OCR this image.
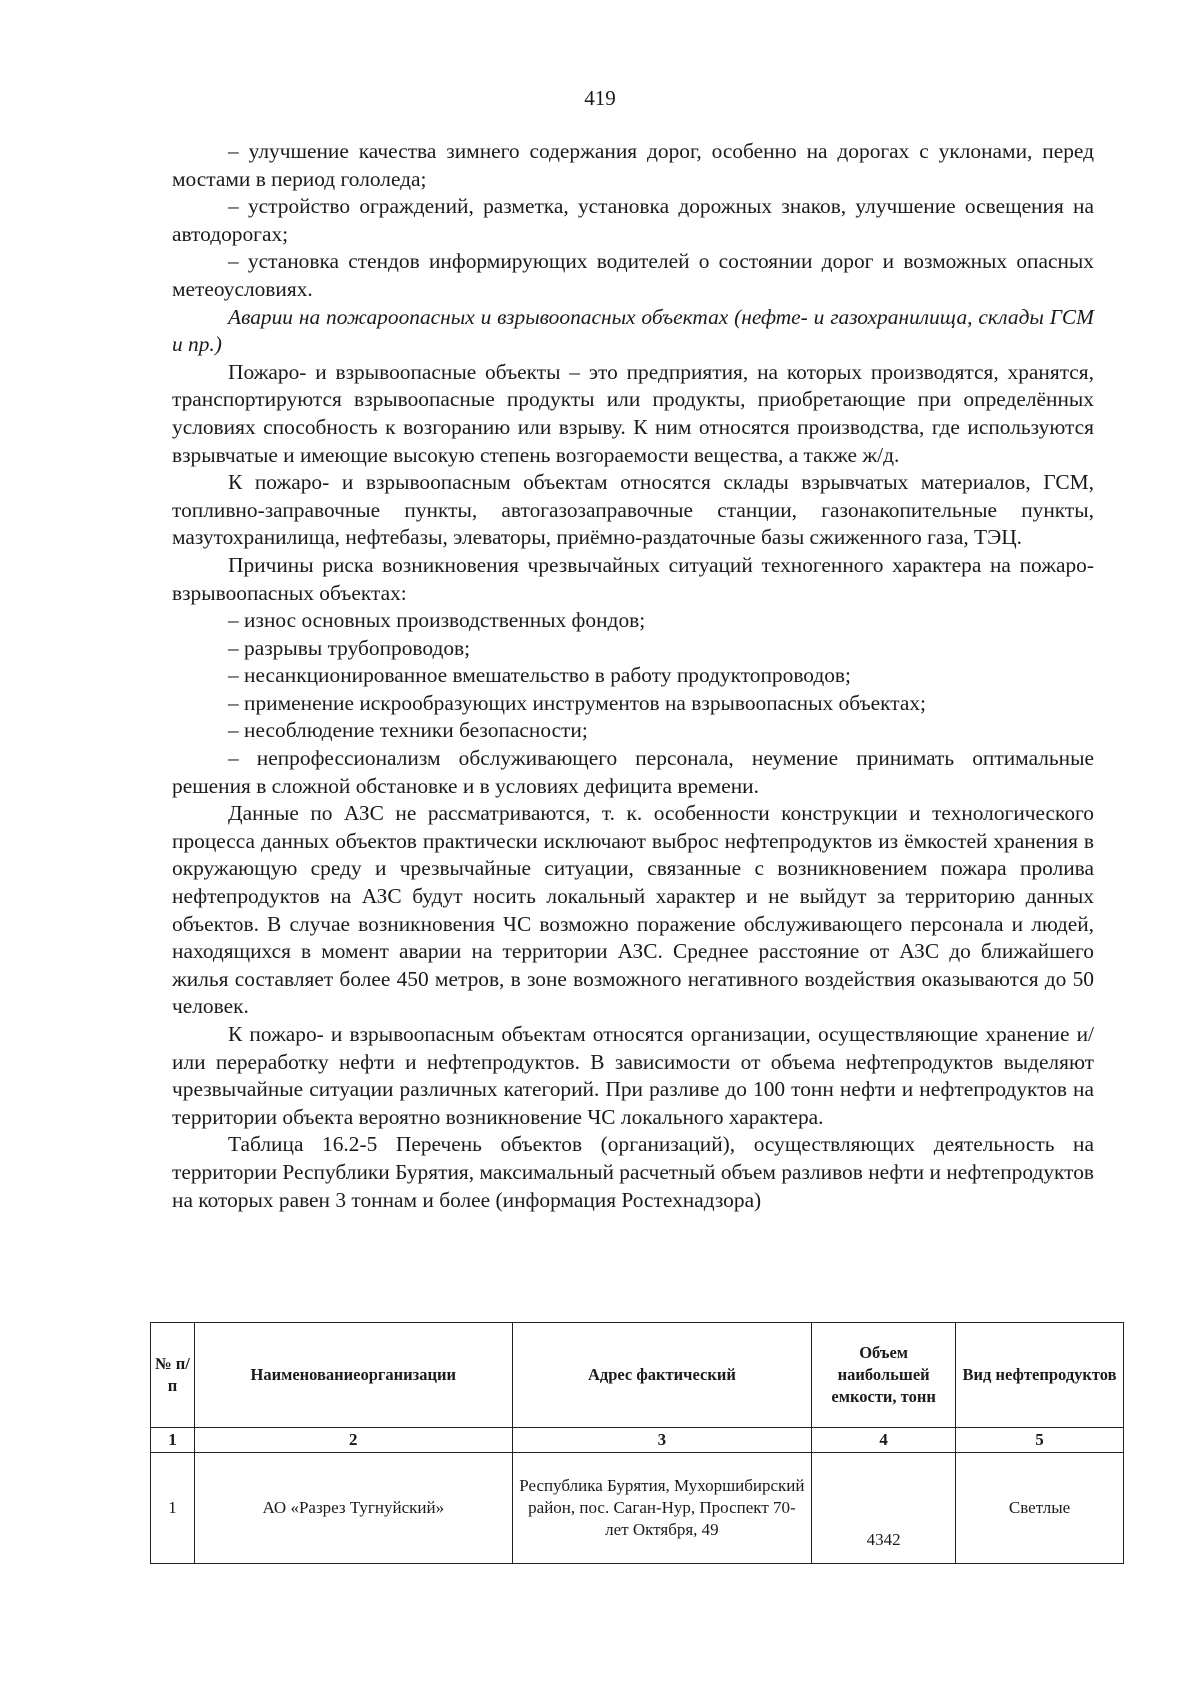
419

– улучшение качества зимнего содержания дорог, особенно на дорогах с уклонами, перед мостами в период гололеда;

– устройство ограждений, разметка, установка дорожных знаков, улучшение освещения на автодорогах;

– установка стендов информирующих водителей о состоянии дорог и возможных опасных метеоусловиях.

Аварии на пожароопасных и взрывоопасных объектах (нефте- и газохранилища, склады ГСМ и пр.)

Пожаро- и взрывоопасные объекты – это предприятия, на которых производятся, хранятся, транспортируются взрывоопасные продукты или продукты, приобретающие при определённых условиях способность к возгоранию или взрыву. К ним относятся производства, где используются взрывчатые и имеющие высокую степень возгораемости вещества, а также ж/д.

К пожаро- и взрывоопасным объектам относятся склады взрывчатых материалов, ГСМ, топливно-заправочные пункты, автогазозаправочные станции, газонакопительные пункты, мазутохранилища, нефтебазы, элеваторы, приёмно-раздаточные базы сжиженного газа, ТЭЦ.

Причины риска возникновения чрезвычайных ситуаций техногенного характера на пожаро-взрывоопасных объектах:

– износ основных производственных фондов;

– разрывы трубопроводов;

– несанкционированное вмешательство в работу продуктопроводов;

– применение искрообразующих инструментов на взрывоопасных объектах;

– несоблюдение техники безопасности;

– непрофессионализм обслуживающего персонала, неумение принимать оптимальные решения в сложной обстановке и в условиях дефицита времени.

Данные по АЗС не рассматриваются, т. к. особенности конструкции и технологического процесса данных объектов практически исключают выброс нефтепродуктов из ёмкостей хранения в окружающую среду и чрезвычайные ситуации, связанные с возникновением пожара пролива нефтепродуктов на АЗС будут носить локальный характер и не выйдут за территорию данных объектов. В случае возникновения ЧС возможно поражение обслуживающего персонала и людей, находящихся в момент аварии на территории АЗС. Среднее расстояние от АЗС до ближайшего жилья составляет более 450 метров, в зоне возможного негативного воздействия оказываются до 50 человек.

К пожаро- и взрывоопасным объектам относятся организации, осуществляющие хранение и/или переработку нефти и нефтепродуктов. В зависимости от объема нефтепродуктов выделяют чрезвычайные ситуации различных категорий. При разливе до 100 тонн нефти и нефтепродуктов на территории объекта вероятно возникновение ЧС локального характера.

Таблица 16.2-5 Перечень объектов (организаций), осуществляющих деятельность на территории Республики Бурятия, максимальный расчетный объем разливов нефти и нефтепродуктов на которых равен 3 тоннам и более (информация Ростехнадзора)

№ п/п	Наименованиеорганизации	Адрес фактический	Объем наибольшей емкости, тонн	Вид нефтепродуктов
1	2	3	4	5
1	АО «Разрез Тугнуйский»	Республика Бурятия, Мухоршибирский район, пос. Саган-Нур, Проспект 70-лет Октября, 49	4342	Светлые
